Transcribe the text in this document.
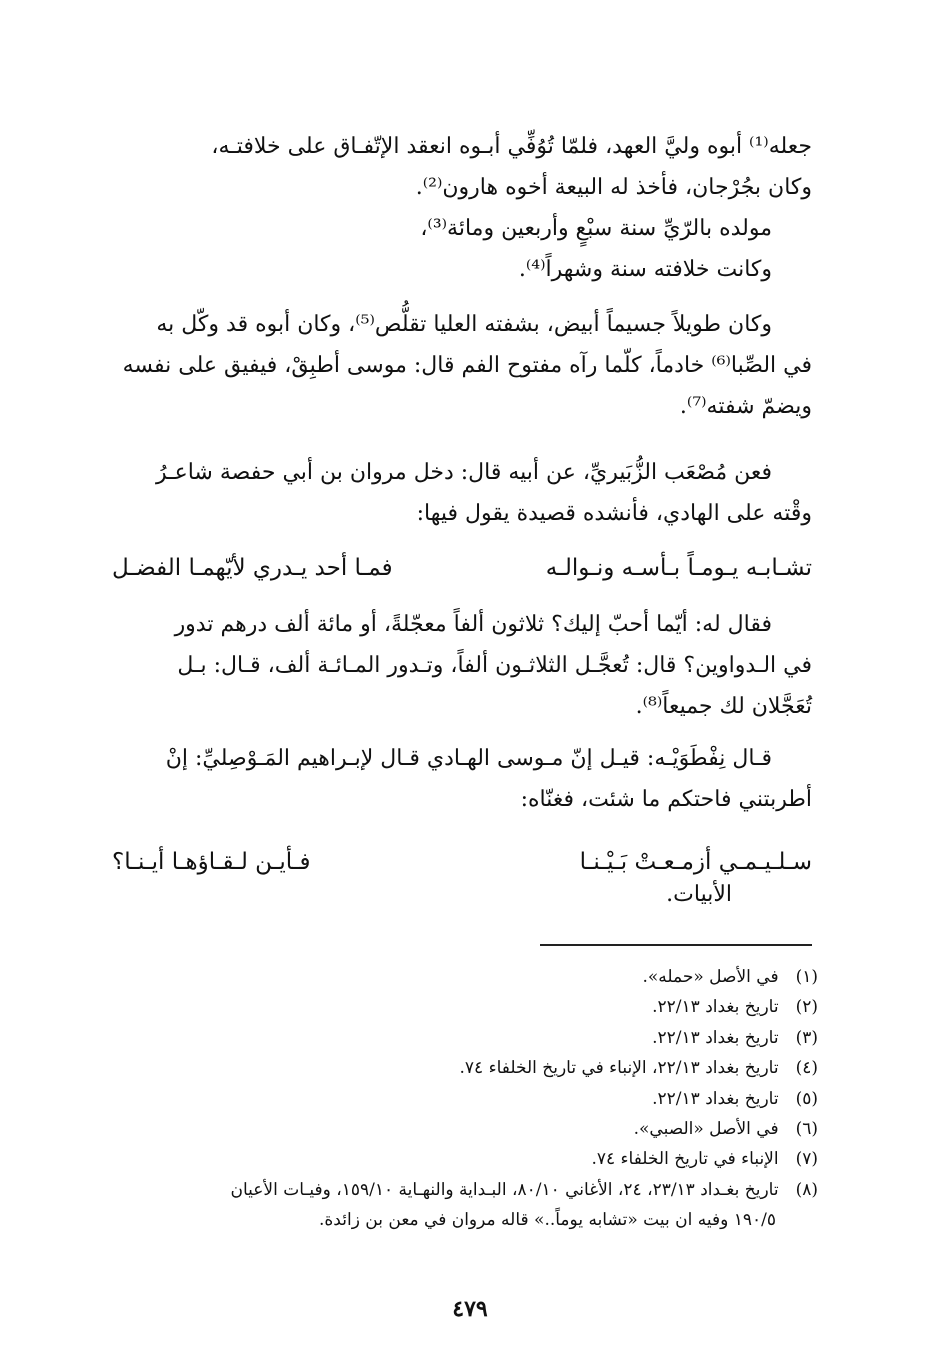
جعله⁽¹⁾ أبوه وليَّ العهد، فلمّا تُوُفِّي أبـوه انعقد الإتّفـاق على خلافتـه،
وكان بجُرْجان، فأخذ له البيعة أخوه هارون⁽²⁾.
مولده بالرّيِّ سنة سبْعٍ وأربعين ومائة⁽³⁾،
وكانت خلافته سنة وشهراً⁽⁴⁾.
وكان طويلاً جسيماً أبيض، بشفته العليا تقلُّص⁽⁵⁾، وكان أبوه قد وكّل به
في الصِّبا⁽⁶⁾ خادماً، كلّما رآه مفتوح الفم قال: موسى أطبِقْ، فيفيق على نفسه
ويضمّ شفته⁽⁷⁾.
فعن مُصْعَب الزُّبَيريِّ، عن أبيه قال: دخل مروان بن أبي حفصة شاعـرُ
وقْته على الهادي، فأنشده قصيدة يقول فيها:
تشـابـه يـومـاً بـأسـه ونـوالـه
فمـا أحد يـدري لأيّهمـا الفضـل
فقال له: أيّما أحبّ إليك؟ ثلاثون ألفاً معجّلةً، أو مائة ألف درهم تدور
في الـدواوين؟ قال: تُعجَّـل الثلاثـون ألفاً، وتـدور المـائـة ألف، قـال: بـل
تُعَجَّلان لك جميعاً⁽⁸⁾.
قـال نِفْطَوَيْـه: قيـل إنّ مـوسى الهـادي قـال لإبـراهيم المَـوْصِليِّ: إنْ
أطربتني فاحتكم ما شئت، فغنّاه:
سـلـيـمـي أزمـعـتْ بَـيْـنـا
فـأيـن لـقـاؤهـا أيـنـا؟
الأبيات.
(١) في الأصل «حمله».
(٢) تاريخ بغداد ٢٢/١٣.
(٣) تاريخ بغداد ٢٢/١٣.
(٤) تاريخ بغداد ٢٢/١٣، الإنباء في تاريخ الخلفاء ٧٤.
(٥) تاريخ بغداد ٢٢/١٣.
(٦) في الأصل «الصبي».
(٧) الإنباء في تاريخ الخلفاء ٧٤.
(٨) تاريخ بغـداد ٢٣/١٣، ٢٤، الأغاني ٨٠/١٠، البـداية والنهـاية ١٥٩/١٠، وفيـات الأعيان
١٩٠/٥ وفيه ان بيت «تشابه يوماً..» قاله مروان في معن بن زائدة.
٤٧٩
